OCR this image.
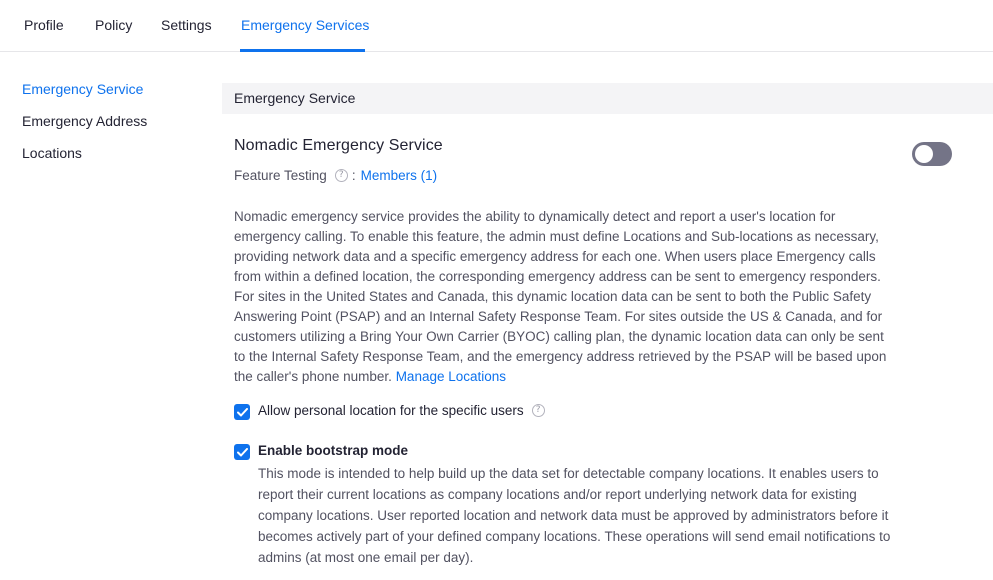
Profile Policy Settings Emergency Services
Emergency Service
Emergency Address
Locations
Emergency Service
Nomadic Emergency Service
Feature Testing	? : Members (1)
Nomadic emergency service provides the ability to dynamically detect and report a user's location for emergency calling. To enable this feature, the admin must define Locations and Sub-locations as necessary, providing network data and a specific emergency address for each one. When users place Emergency calls from within a defined location, the corresponding emergency address can be sent to emergency responders. For sites in the United States and Canada, this dynamic location data can be sent to both the Public Safety Answering Point (PSAP) and an Internal Safety Response Team. For sites outside the US & Canada, and for customers utilizing a Bring Your Own Carrier (BYOC) calling plan, the dynamic location data can only be sent to the Internal Safety Response Team, and the emergency address retrieved by the PSAP will be based upon the caller's phone number. Manage Locations
Allow personal location for the specific users	?
Enable bootstrap mode
This mode is intended to help build up the data set for detectable company locations. It enables users to report their current locations as company locations and/or report underlying network data for existing company locations. User reported location and network data must be approved by administrators before it becomes actively part of your defined company locations. These operations will send email notifications to admins (at most one email per day).
